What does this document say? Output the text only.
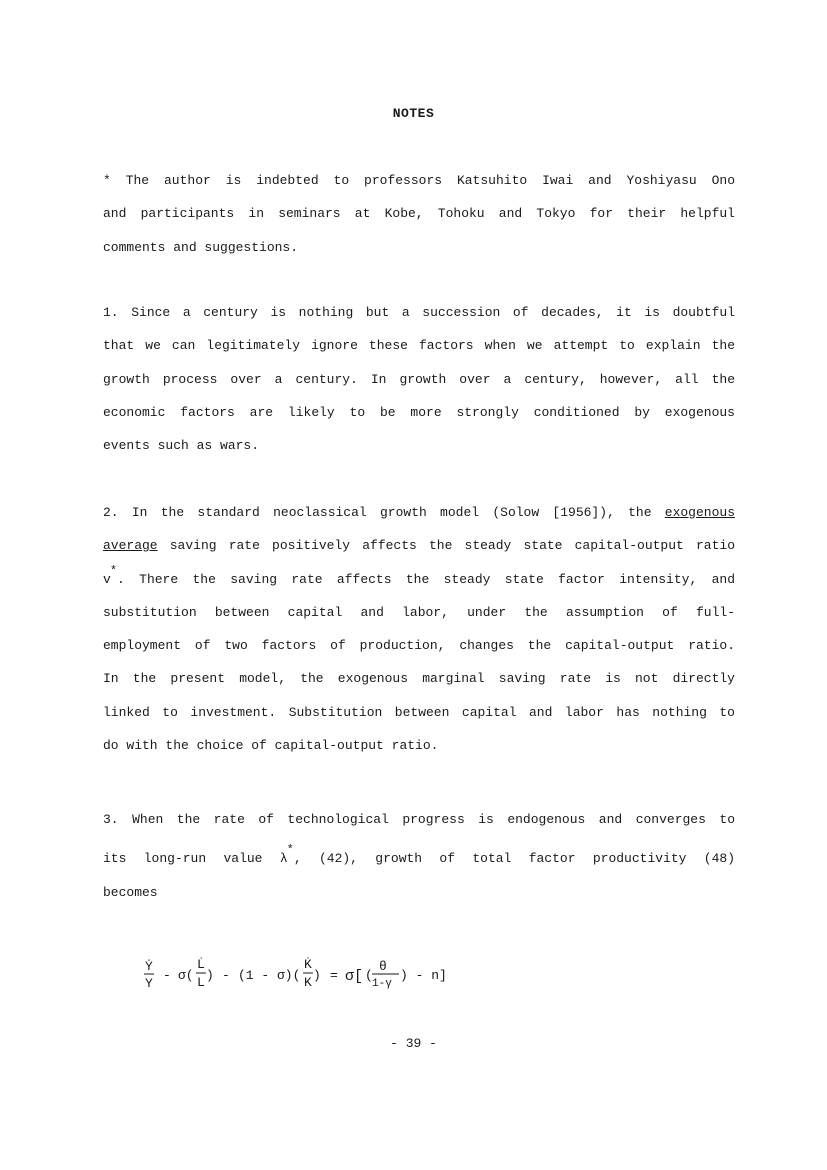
NOTES
* The author is indebted to professors Katsuhito Iwai and Yoshiyasu Ono
and participants in seminars at Kobe, Tohoku and Tokyo for their helpful
comments and suggestions.
1. Since a century is nothing but a succession of decades, it is doubtful
that we can legitimately ignore these factors when we attempt to explain the
growth process over a century. In growth over a century, however, all the
economic factors are likely to be more strongly conditioned by exogenous
events such as wars.
2. In the standard neoclassical growth model (Solow [1956]), the exogenous
average saving rate positively affects the steady state capital-output ratio
v*. There the saving rate affects the steady state factor intensity, and
substitution between capital and labor, under the assumption of full-
employment of two factors of production, changes the capital-output ratio.
In the present model, the exogenous marginal saving rate is not directly
linked to investment. Substitution between capital and labor has nothing to
do with the choice of capital-output ratio.
3. When the rate of technological progress is endogenous and converges to
its long-run value λ*, (42), growth of total factor productivity (48)
becomes
Ẏ
Y
- σ(
L̇
L ) - (1 - σ)(
K̇
K ) = σ[ (
θ
1-γ
) - n]
- 39 -
